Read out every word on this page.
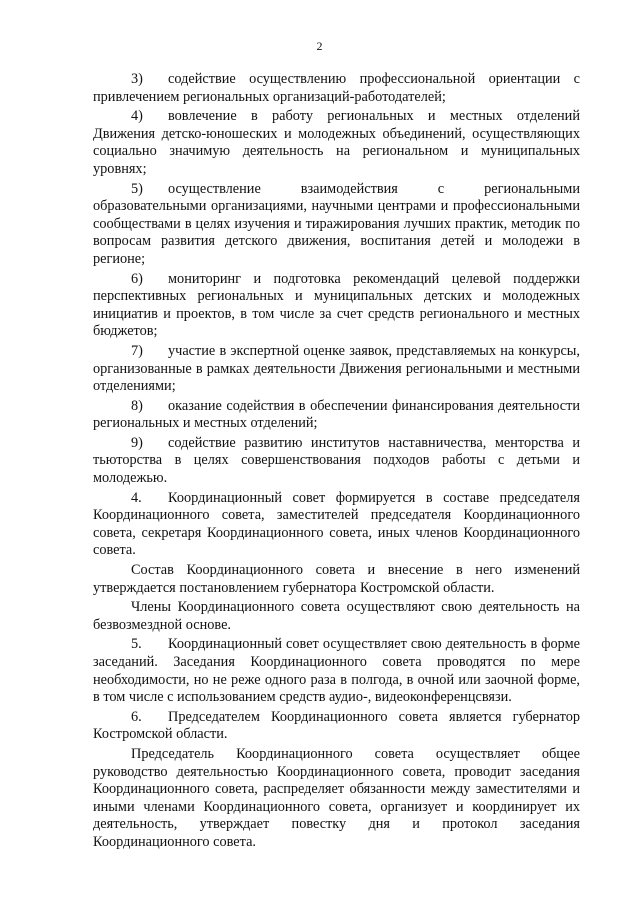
2

3) содействие осуществлению профессиональной ориентации с привлечением региональных организаций-работодателей;

4) вовлечение в работу региональных и местных отделений Движения детско-юношеских и молодежных объединений, осуществляющих социально значимую деятельность на региональном и муниципальных уровнях;

5) осуществление взаимодействия с региональными образовательными организациями, научными центрами и профессиональными сообществами в целях изучения и тиражирования лучших практик, методик по вопросам развития детского движения, воспитания детей и молодежи в регионе;

6) мониторинг и подготовка рекомендаций целевой поддержки перспективных региональных и муниципальных детских и молодежных инициатив и проектов, в том числе за счет средств регионального и местных бюджетов;

7) участие в экспертной оценке заявок, представляемых на конкурсы, организованные в рамках деятельности Движения региональными и местными отделениями;

8) оказание содействия в обеспечении финансирования деятельности региональных и местных отделений;

9) содействие развитию институтов наставничества, менторства и тьюторства в целях совершенствования подходов работы с детьми и молодежью.

4. Координационный совет формируется в составе председателя Координационного совета, заместителей председателя Координационного совета, секретаря Координационного совета, иных членов Координационного совета.

Состав Координационного совета и внесение в него изменений утверждается постановлением губернатора Костромской области.

Члены Координационного совета осуществляют свою деятельность на безвозмездной основе.

5. Координационный совет осуществляет свою деятельность в форме заседаний. Заседания Координационного совета проводятся по мере необходимости, но не реже одного раза в полгода, в очной или заочной форме, в том числе с использованием средств аудио-, видеоконференцсвязи.

6. Председателем Координационного совета является губернатор Костромской области.

Председатель Координационного совета осуществляет общее руководство деятельностью Координационного совета, проводит заседания Координационного совета, распределяет обязанности между заместителями и иными членами Координационного совета, организует и координирует их деятельность, утверждает повестку дня и протокол заседания Координационного совета.
